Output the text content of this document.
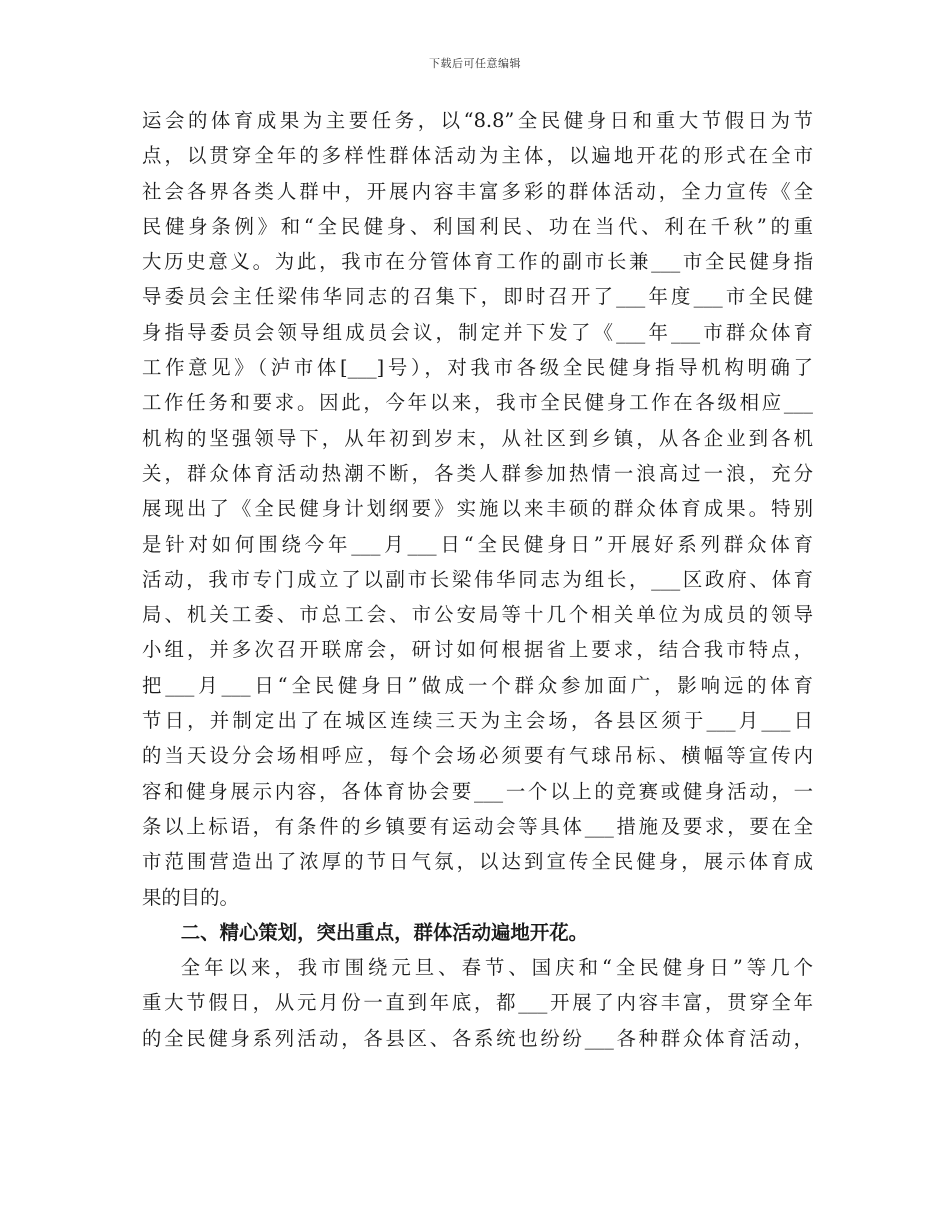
下载后可任意编辑
运会的体育成果为主要任务，以“8.8”全民健身日和重大节假日为节
点，以贯穿全年的多样性群体活动为主体，以遍地开花的形式在全市
社会各界各类人群中，开展内容丰富多彩的群体活动，全力宣传《全
民健身条例》和“全民健身、利国利民、功在当代、利在千秋”的重
大历史意义。为此，我市在分管体育工作的副市长兼___市全民健身指
导委员会主任梁伟华同志的召集下，即时召开了___年度___市全民健
身指导委员会领导组成员会议，制定并下发了《___年___市群众体育
工作意见》（泸市体[___]号），对我市各级全民健身指导机构明确了
工作任务和要求。因此，今年以来，我市全民健身工作在各级相应___
机构的坚强领导下，从年初到岁末，从社区到乡镇，从各企业到各机
关，群众体育活动热潮不断，各类人群参加热情一浪高过一浪，充分
展现出了《全民健身计划纲要》实施以来丰硕的群众体育成果。特别
是针对如何围绕今年___月___日“全民健身日”开展好系列群众体育
活动，我市专门成立了以副市长梁伟华同志为组长，___区政府、体育
局、机关工委、市总工会、市公安局等十几个相关单位为成员的领导
小组，并多次召开联席会，研讨如何根据省上要求，结合我市特点，
把___月___日“全民健身日”做成一个群众参加面广，影响远的体育
节日，并制定出了在城区连续三天为主会场，各县区须于___月___日
的当天设分会场相呼应，每个会场必须要有气球吊标、横幅等宣传内
容和健身展示内容，各体育协会要___一个以上的竞赛或健身活动，一
条以上标语，有条件的乡镇要有运动会等具体___措施及要求，要在全
市范围营造出了浓厚的节日气氛，以达到宣传全民健身，展示体育成
果的目的。
二、精心策划，突出重点，群体活动遍地开花。
全年以来，我市围绕元旦、春节、国庆和“全民健身日”等几个
重大节假日，从元月份一直到年底，都___开展了内容丰富，贯穿全年
的全民健身系列活动，各县区、各系统也纷纷___各种群众体育活动，
